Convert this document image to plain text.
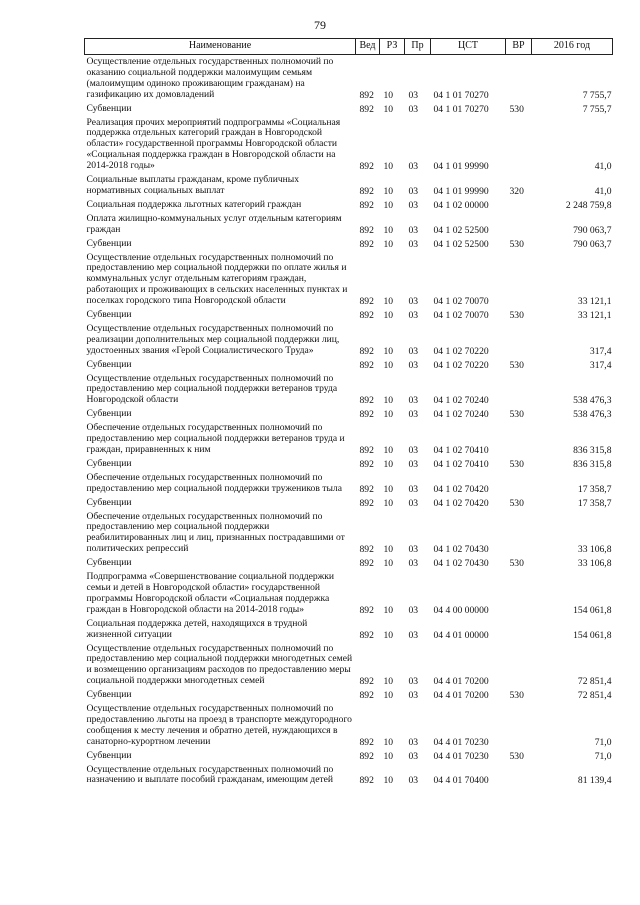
79
Наименование	Вед	РЗ	Пр	ЦСТ	ВР	2016 год
Осуществление отдельных государственных полномочий по оказанию социальной поддержки малоимущим семьям (малоимущим одиноко проживающим гражданам) на газификацию их домовладений	892	10	03	04 1 01 70270		7 755,7
Субвенции	892	10	03	04 1 01 70270	530	7 755,7
Реализация прочих мероприятий подпрограммы «Социальная поддержка отдельных категорий граждан в Новгородской области» государственной программы Новгородской области «Социальная поддержка граждан в Новгородской области на 2014-2018 годы»	892	10	03	04 1 01 99990		41,0
Социальные выплаты гражданам, кроме публичных нормативных социальных выплат	892	10	03	04 1 01 99990	320	41,0
Социальная поддержка льготных категорий граждан	892	10	03	04 1 02 00000		2 248 759,8
Оплата жилищно-коммунальных услуг отдельным категориям граждан	892	10	03	04 1 02 52500		790 063,7
Субвенции	892	10	03	04 1 02 52500	530	790 063,7
Осуществление отдельных государственных полномочий по предоставлению мер социальной поддержки по оплате жилья и коммунальных услуг отдельным категориям граждан, работающих и проживающих в сельских населенных пунктах и поселках городского типа Новгородской области	892	10	03	04 1 02 70070		33 121,1
Субвенции	892	10	03	04 1 02 70070	530	33 121,1
Осуществление отдельных государственных полномочий по реализации дополнительных мер социальной поддержки лиц, удостоенных звания «Герой Социалистического Труда»	892	10	03	04 1 02 70220		317,4
Субвенции	892	10	03	04 1 02 70220	530	317,4
Осуществление отдельных государственных полномочий по предоставлению мер социальной поддержки ветеранов труда Новгородской области	892	10	03	04 1 02 70240		538 476,3
Субвенции	892	10	03	04 1 02 70240	530	538 476,3
Обеспечение отдельных государственных полномочий по предоставлению мер социальной поддержки ветеранов труда и граждан, приравненных к ним	892	10	03	04 1 02 70410		836 315,8
Субвенции	892	10	03	04 1 02 70410	530	836 315,8
Обеспечение отдельных государственных полномочий по предоставлению мер социальной поддержки тружеников тыла	892	10	03	04 1 02 70420		17 358,7
Субвенции	892	10	03	04 1 02 70420	530	17 358,7
Обеспечение отдельных государственных полномочий по предоставлению мер социальной поддержки реабилитированных лиц и лиц, признанных пострадавшими от политических репрессий	892	10	03	04 1 02 70430		33 106,8
Субвенции	892	10	03	04 1 02 70430	530	33 106,8
Подпрограмма «Совершенствование социальной поддержки семьи и детей в Новгородской области» государственной программы Новгородской области «Социальная поддержка граждан в Новгородской области на 2014-2018 годы»	892	10	03	04 4 00 00000		154 061,8
Социальная поддержка детей, находящихся в трудной жизненной ситуации	892	10	03	04 4 01 00000		154 061,8
Осуществление отдельных государственных полномочий по предоставлению мер социальной поддержки многодетных семей и возмещению организациям расходов по предоставлению меры социальной поддержки многодетных семей	892	10	03	04 4 01 70200		72 851,4
Субвенции	892	10	03	04 4 01 70200	530	72 851,4
Осуществление отдельных государственных полномочий по предоставлению льготы на проезд в транспорте междугородного сообщения к месту лечения и обратно детей, нуждающихся в санаторно-курортном лечении	892	10	03	04 4 01 70230		71,0
Субвенции	892	10	03	04 4 01 70230	530	71,0
Осуществление отдельных государственных полномочий по назначению и выплате пособий гражданам, имеющим детей	892	10	03	04 4 01 70400		81 139,4
